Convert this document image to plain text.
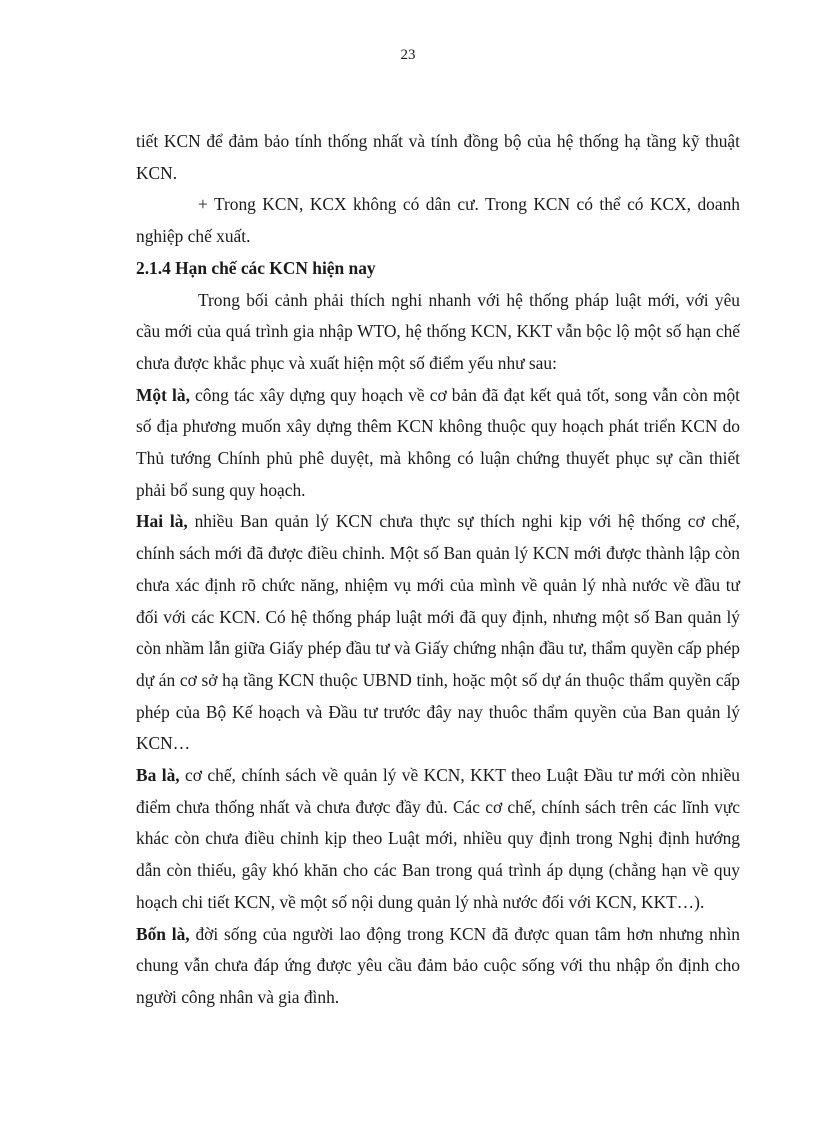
23

tiết KCN để đảm bảo tính thống nhất và tính đồng bộ của hệ thống hạ tầng kỹ thuật KCN.

+ Trong KCN, KCX không có dân cư. Trong KCN có thể có KCX, doanh nghiệp chế xuất.

2.1.4 Hạn chế các KCN hiện nay

Trong bối cảnh phải thích nghi nhanh với hệ thống pháp luật mới, với yêu cầu mới của quá trình gia nhập WTO, hệ thống KCN, KKT vẫn bộc lộ một số hạn chế chưa được khắc phục và xuất hiện một số điểm yếu như sau:

Một là, công tác xây dựng quy hoạch về cơ bản đã đạt kết quả tốt, song vẫn còn một số địa phương muốn xây dựng thêm KCN không thuộc quy hoạch phát triển KCN do Thủ tướng Chính phủ phê duyệt, mà không có luận chứng thuyết phục sự cần thiết phải bổ sung quy hoạch.

Hai là, nhiều Ban quản lý KCN chưa thực sự thích nghi kịp với hệ thống cơ chế, chính sách mới đã được điều chỉnh. Một số Ban quản lý KCN mới được thành lập còn chưa xác định rõ chức năng, nhiệm vụ mới của mình về quản lý nhà nước về đầu tư đối với các KCN. Có hệ thống pháp luật mới đã quy định, nhưng một số Ban quản lý còn nhầm lẫn giữa Giấy phép đầu tư và Giấy chứng nhận đầu tư, thẩm quyền cấp phép dự án cơ sở hạ tầng KCN thuộc UBND tỉnh, hoặc một số dự án thuộc thẩm quyền cấp phép của Bộ Kế hoạch và Đầu tư trước đây nay thuôc thẩm quyền của Ban quản lý KCN…

Ba là, cơ chế, chính sách về quản lý về KCN, KKT theo Luật Đầu tư mới còn nhiều điểm chưa thống nhất và chưa được đầy đủ. Các cơ chế, chính sách trên các lĩnh vực khác còn chưa điều chỉnh kịp theo Luật mới, nhiều quy định trong Nghị định hướng dẫn còn thiếu, gây khó khăn cho các Ban trong quá trình áp dụng (chẳng hạn về quy hoạch chi tiết KCN, về một số nội dung quản lý nhà nước đối với KCN, KKT…).

Bốn là, đời sống của người lao động trong KCN đã được quan tâm hơn nhưng nhìn chung vẫn chưa đáp ứng được yêu cầu đảm bảo cuộc sống với thu nhập ổn định cho người công nhân và gia đình.
